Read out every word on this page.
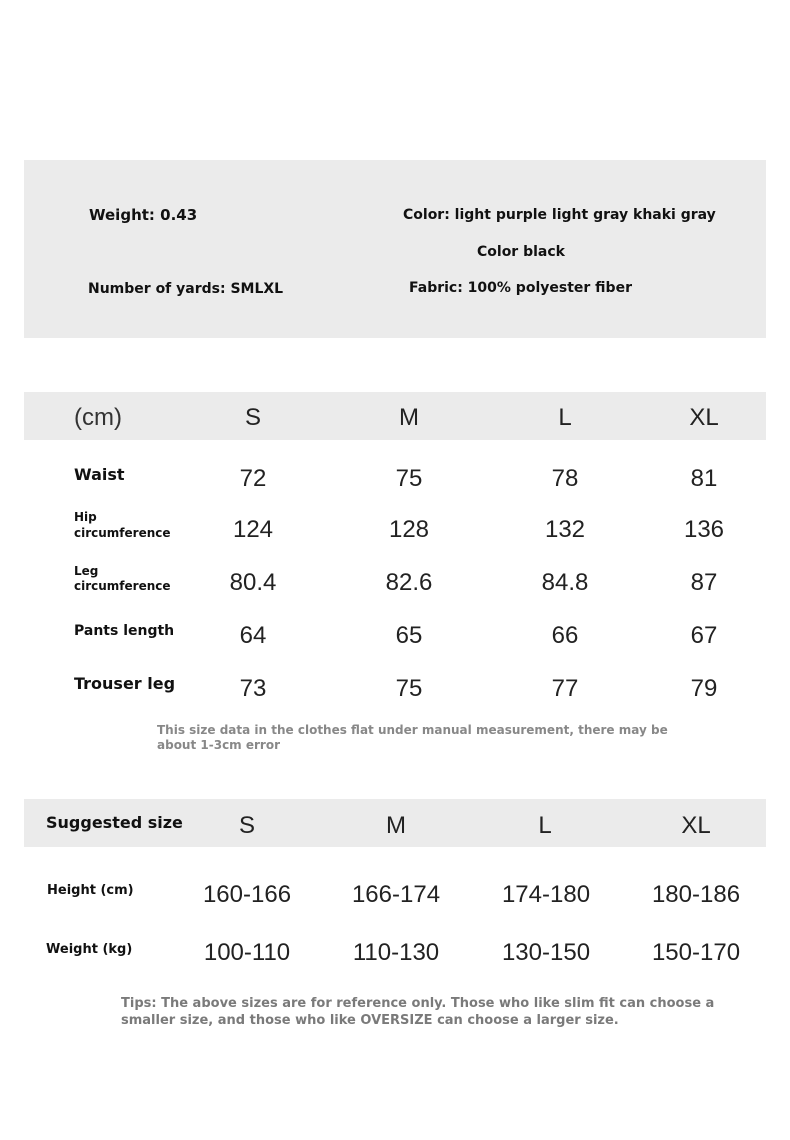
Weight: 0.43	Color: light purple light gray khaki gray
Color black
Number of yards: SMLXL	Fabric: 100% polyester fiber
(cm)	S	M	L	XL
Waist	72	75	78	81
Hip
circumference	124	128	132	136
Leg
circumference 80.4	82.6	84.8	87
Pants length	64	65	66	67
Trouser leg	73	75	77	79
This size data in the clothes flat under manual measurement, there may be
about 1-3cm error
Suggested size S	M	L	XL
Height (cm)	160-166	166-174	174-180	180-186
Weight (kg)	100-110	110-130	130-150	150-170
Tips: The above sizes are for reference only. Those who like slim fit can choose a
smaller size, and those who like OVERSIZE can choose a larger size.
